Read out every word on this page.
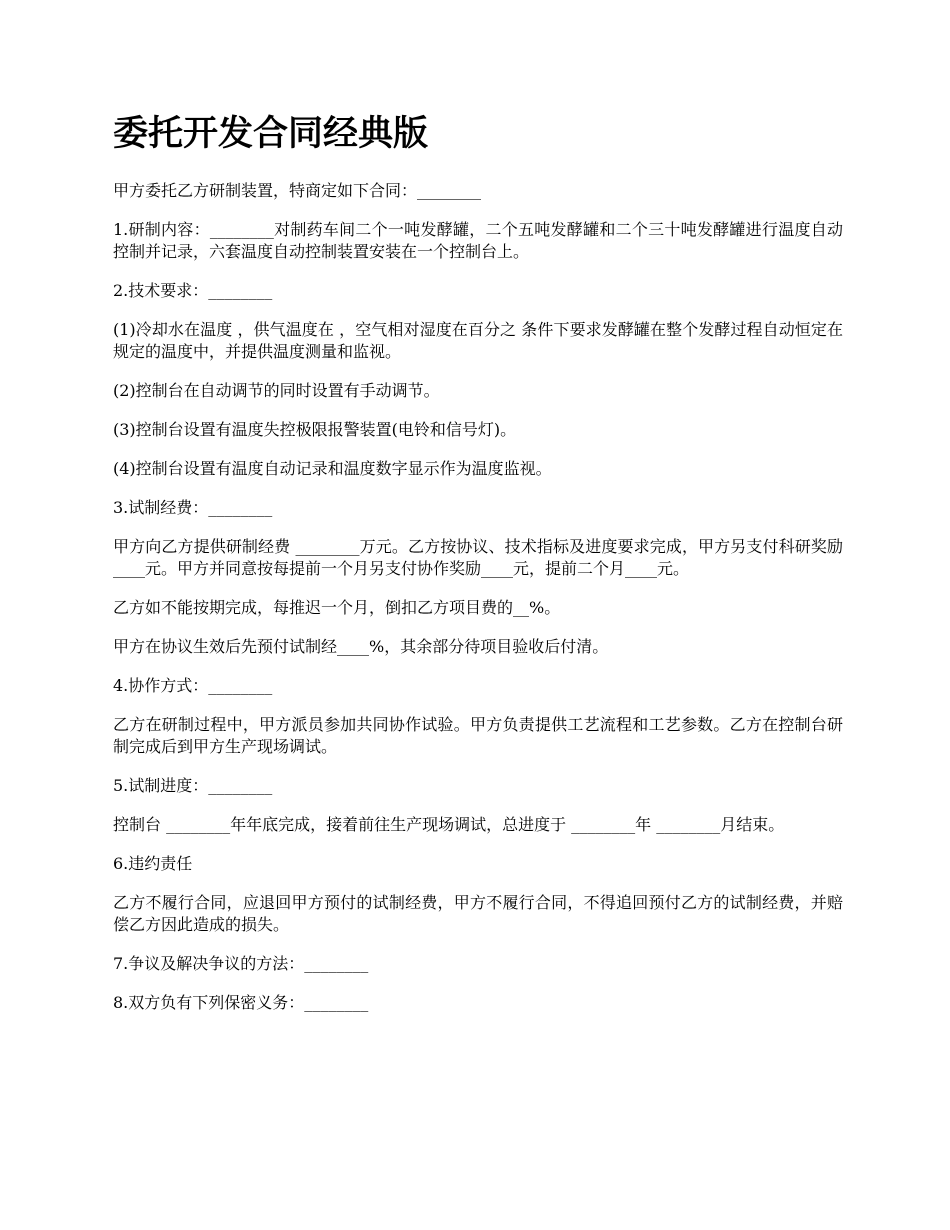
委托开发合同经典版

甲方委托乙方研制装置，特商定如下合同：________

1.研制内容：________对制药车间二个一吨发酵罐，二个五吨发酵罐和二个三十吨发酵罐进行温度自动控制并记录，六套温度自动控制装置安装在一个控制台上。

2.技术要求：________

(1)冷却水在温度 ，供气温度在 ，空气相对湿度在百分之 条件下要求发酵罐在整个发酵过程自动恒定在规定的温度中，并提供温度测量和监视。

(2)控制台在自动调节的同时设置有手动调节。

(3)控制台设置有温度失控极限报警装置(电铃和信号灯)。

(4)控制台设置有温度自动记录和温度数字显示作为温度监视。

3.试制经费：________

甲方向乙方提供研制经费 ________万元。乙方按协议、技术指标及进度要求完成，甲方另支付科研奖励____元。甲方并同意按每提前一个月另支付协作奖励____元，提前二个月____元。

乙方如不能按期完成，每推迟一个月，倒扣乙方项目费的__%。

甲方在协议生效后先预付试制经____%，其余部分待项目验收后付清。

4.协作方式：________

乙方在研制过程中，甲方派员参加共同协作试验。甲方负责提供工艺流程和工艺参数。乙方在控制台研制完成后到甲方生产现场调试。

5.试制进度：________

控制台 ________年年底完成，接着前往生产现场调试，总进度于 ________年 ________月结束。

6.违约责任

乙方不履行合同，应退回甲方预付的试制经费，甲方不履行合同，不得追回预付乙方的试制经费，并赔偿乙方因此造成的损失。

7.争议及解决争议的方法：________

8.双方负有下列保密义务：________
